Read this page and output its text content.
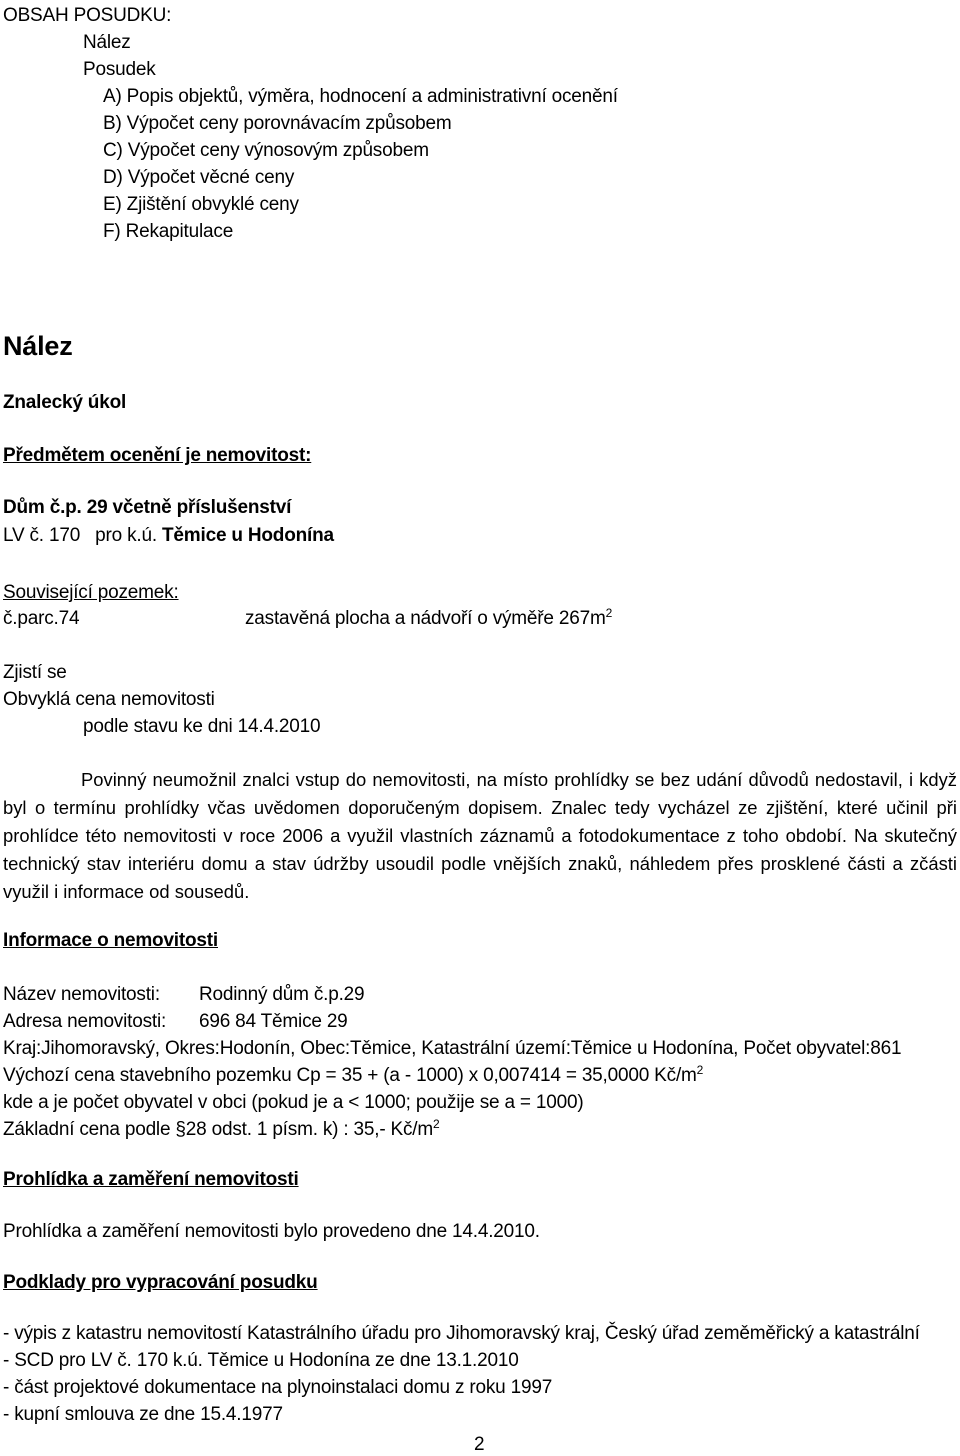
OBSAH POSUDKU:
Nález
Posudek
A) Popis objektů, výměra, hodnocení a administrativní ocenění
B) Výpočet ceny porovnávacím způsobem
C) Výpočet ceny výnosovým způsobem
D) Výpočet věcné ceny
E) Zjištění obvyklé ceny
F) Rekapitulace
Nález
Znalecký úkol
Předmětem ocenění je nemovitost:
Dům č.p. 29 včetně příslušenství
LV č. 170 pro k.ú. Těmice u Hodonína
Související pozemek:
č.parc.74	zastavěná plocha a nádvoří o výměře $267m^2$
Zjistí se
Obvyklá cena nemovitosti
podle stavu ke dni 14.4.2010

Povinný neumožnil znalci vstup do nemovitosti, na místo prohlídky se bez udání důvodů nedostavil, i když byl o termínu prohlídky včas uvědomen doporučeným dopisem. Znalec tedy vycházel ze zjištění, které učinil při prohlídce této nemovitosti v roce 2006 a využil vlastních záznamů a fotodokumentace z toho období. Na skutečný technický stav interiéru domu a stav údržby usoudil podle vnějších znaků, náhledem přes prosklené části a zčásti využil i informace od sousedů.

Informace o nemovitosti
Název nemovitosti: Rodinný dům č.p.29
Adresa nemovitosti: 696 84 Těmice 29
Kraj:Jihomoravský, Okres:Hodonín, Obec:Těmice, Katastrální území:Těmice u Hodonína, Počet obyvatel:861
Výchozí cena stavebního pozemku Cp = 35 + (a - 1000) x 0,007414 = 35,0000 $Kč/m^2$
kde a je počet obyvatel v obci (pokud je a < 1000; použije se a = 1000)
Základní cena podle §28 odst. 1 písm. k) : 35,- $Kč/m^2$
Prohlídka a zaměření nemovitosti
Prohlídka a zaměření nemovitosti bylo provedeno dne 14.4.2010.
Podklady pro vypracování posudku
- výpis z katastru nemovitostí Katastrálního úřadu pro Jihomoravský kraj, Český úřad zeměměřický a katastrální
- SCD pro LV č. 170 k.ú. Těmice u Hodonína ze dne 13.1.2010
- část projektové dokumentace na plynoinstalaci domu z roku 1997
- kupní smlouva ze dne 15.4.1977
2
